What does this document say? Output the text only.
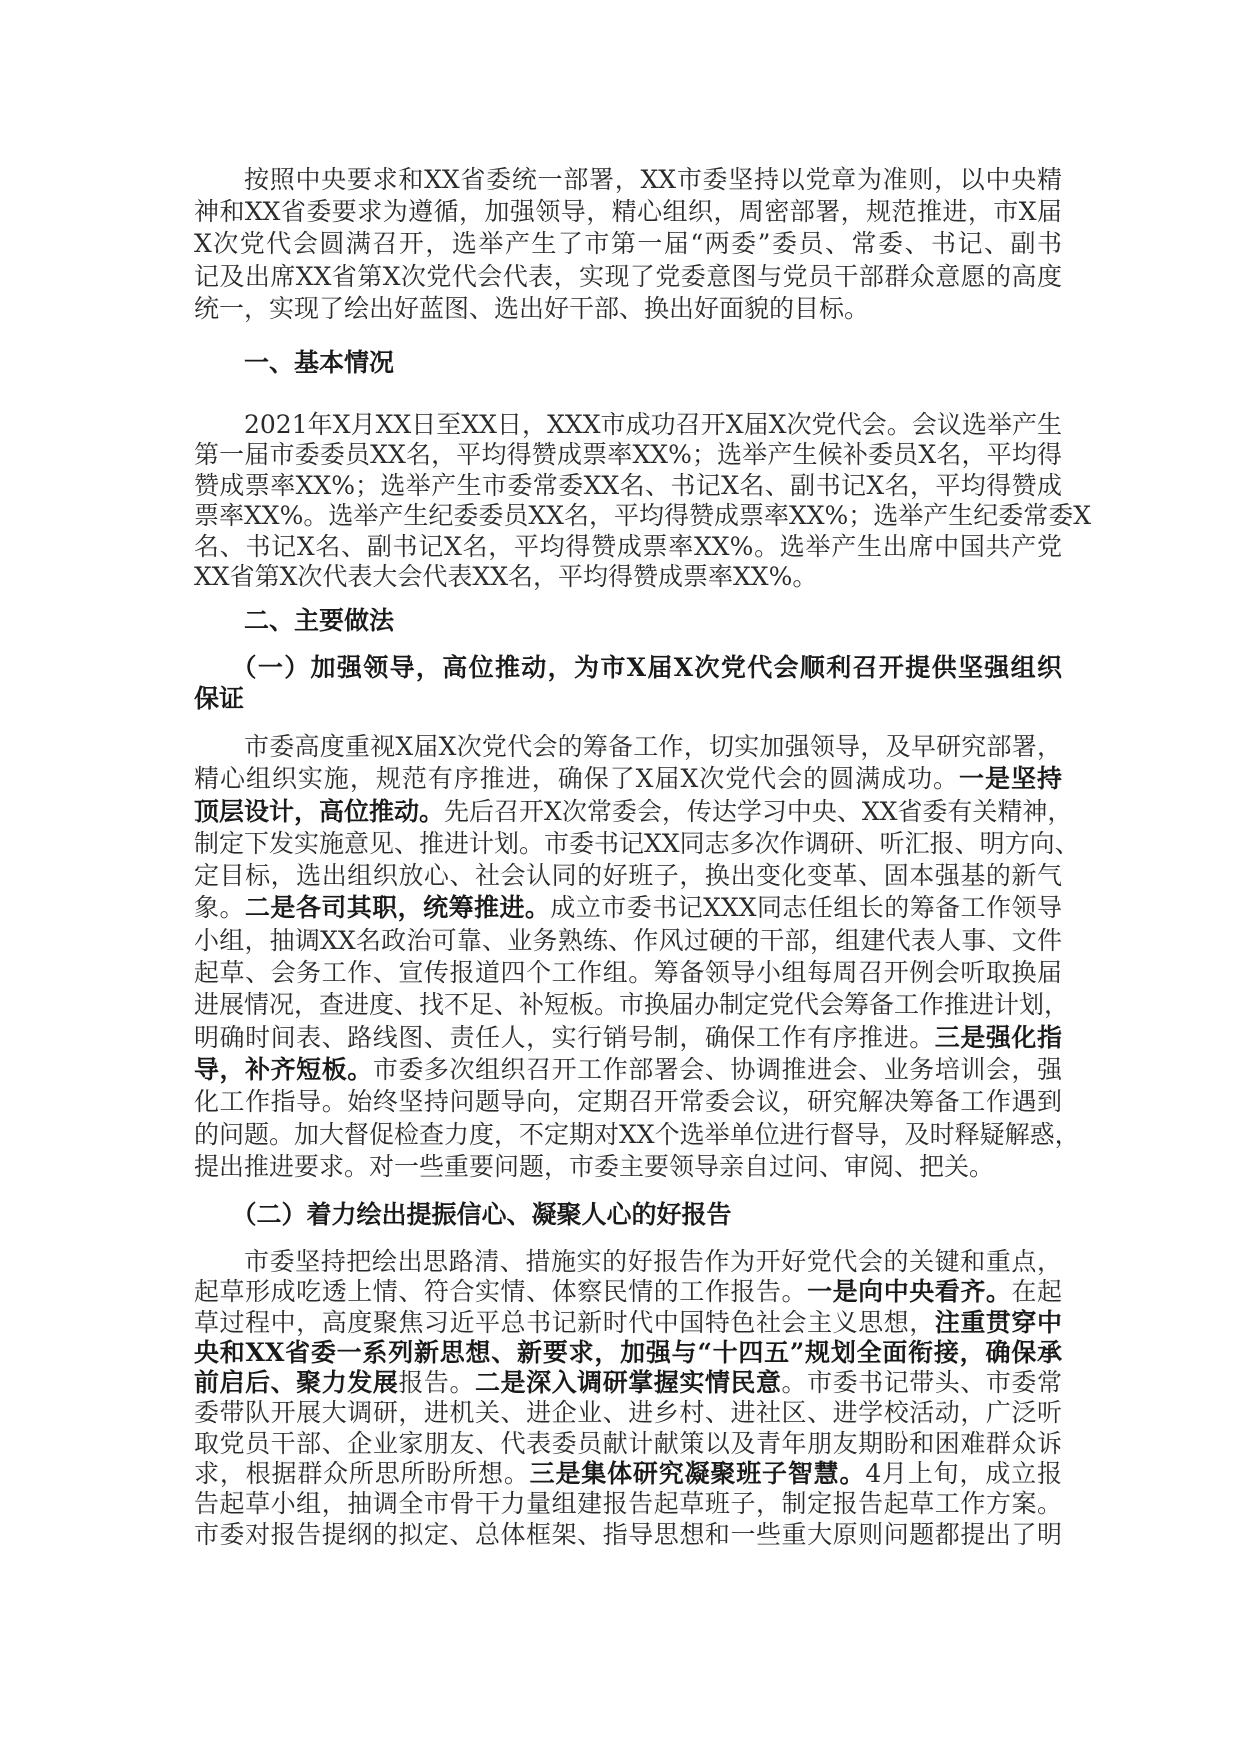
按照中央要求和XX省委统一部署，XX市委坚持以党章为准则，以中央精
神和XX省委要求为遵循，加强领导，精心组织，周密部署，规范推进，市X届
X次党代会圆满召开，选举产生了市第一届“两委”委员、常委、书记、副书
记及出席XX省第X次党代会代表，实现了党委意图与党员干部群众意愿的高度
统一，实现了绘出好蓝图、选出好干部、换出好面貌的目标。
一、基本情况
2021年X月XX日至XX日，XXX市成功召开X届X次党代会。会议选举产生
第一届市委委员XX名，平均得赞成票率XX%；选举产生候补委员X名，平均得
赞成票率XX%；选举产生市委常委XX名、书记X名、副书记X名，平均得赞成
票率XX%。选举产生纪委委员XX名，平均得赞成票率XX%；选举产生纪委常委X
名、书记X名、副书记X名，平均得赞成票率XX%。选举产生出席中国共产党
XX省第X次代表大会代表XX名，平均得赞成票率XX%。
二、主要做法
（一）加强领导，高位推动，为市X届X次党代会顺利召开提供坚强组织
保证
市委高度重视X届X次党代会的筹备工作，切实加强领导，及早研究部署，
精心组织实施，规范有序推进，确保了X届X次党代会的圆满成功。一是坚持
顶层设计，高位推动。先后召开X次常委会，传达学习中央、XX省委有关精神，
制定下发实施意见、推进计划。市委书记XX同志多次作调研、听汇报、明方向、
定目标，选出组织放心、社会认同的好班子，换出变化变革、固本强基的新气
象。二是各司其职，统筹推进。成立市委书记XXX同志任组长的筹备工作领导
小组，抽调XX名政治可靠、业务熟练、作风过硬的干部，组建代表人事、文件
起草、会务工作、宣传报道四个工作组。筹备领导小组每周召开例会听取换届
进展情况，查进度、找不足、补短板。市换届办制定党代会筹备工作推进计划，
明确时间表、路线图、责任人，实行销号制，确保工作有序推进。三是强化指
导，补齐短板。市委多次组织召开工作部署会、协调推进会、业务培训会，强
化工作指导。始终坚持问题导向，定期召开常委会议，研究解决筹备工作遇到
的问题。加大督促检查力度，不定期对XX个选举单位进行督导，及时释疑解惑，
提出推进要求。对一些重要问题，市委主要领导亲自过问、审阅、把关。
（二）着力绘出提振信心、凝聚人心的好报告
市委坚持把绘出思路清、措施实的好报告作为开好党代会的关键和重点，
起草形成吃透上情、符合实情、体察民情的工作报告。一是向中央看齐。在起
草过程中，高度聚焦习近平总书记新时代中国特色社会主义思想，注重贯穿中
央和XX省委一系列新思想、新要求，加强与“十四五”规划全面衔接，确保承
前启后、聚力发展报告。二是深入调研掌握实情民意。市委书记带头、市委常
委带队开展大调研，进机关、进企业、进乡村、进社区、进学校活动，广泛听
取党员干部、企业家朋友、代表委员献计献策以及青年朋友期盼和困难群众诉
求，根据群众所思所盼所想。三是集体研究凝聚班子智慧。4月上旬，成立报
告起草小组，抽调全市骨干力量组建报告起草班子，制定报告起草工作方案。
市委对报告提纲的拟定、总体框架、指导思想和一些重大原则问题都提出了明
